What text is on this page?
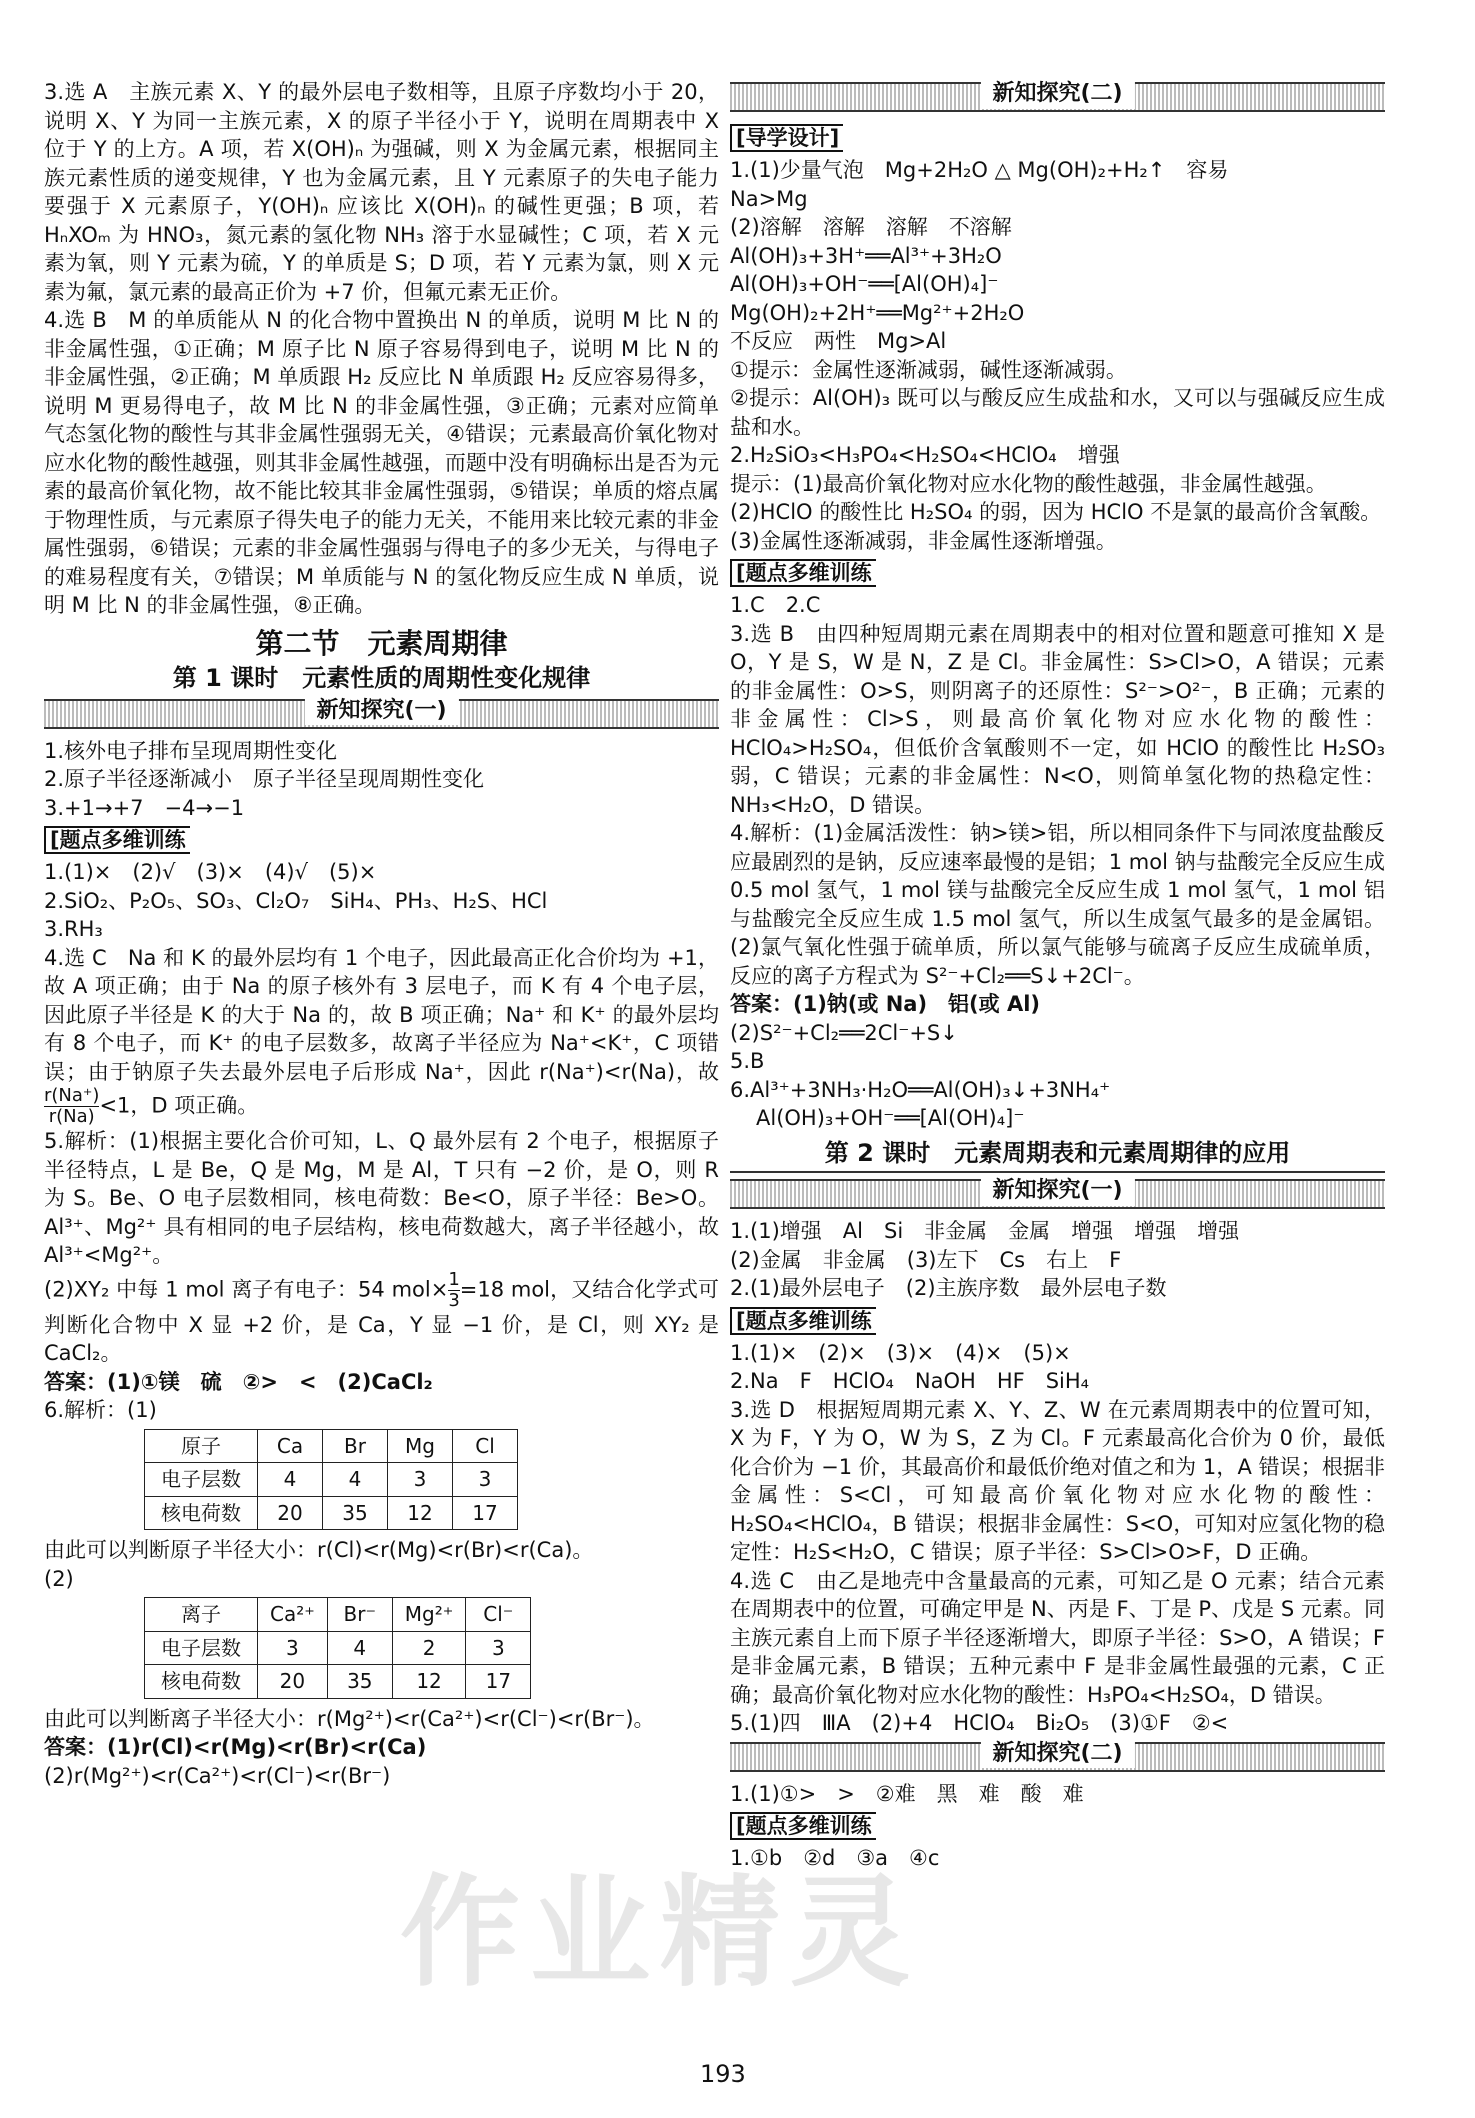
3.选 A　主族元素 X、Y 的最外层电子数相等，且原子序数均小于 20，说明 X、Y 为同一主族元素，X 的原子半径小于 Y，说明在周期表中 X 位于 Y 的上方。A 项，若 X(OH)ₙ 为强碱，则 X 为金属元素，根据同主族元素性质的递变规律，Y 也为金属元素，且 Y 元素原子的失电子能力要强于 X 元素原子，Y(OH)ₙ 应该比 X(OH)ₙ 的碱性更强；B 项，若 HₙXOₘ 为 HNO₃，氮元素的氢化物 NH₃ 溶于水显碱性；C 项，若 X 元素为氧，则 Y 元素为硫，Y 的单质是 S；D 项，若 Y 元素为氯，则 X 元素为氟，氯元素的最高正价为 +7 价，但氟元素无正价。

4.选 B　M 的单质能从 N 的化合物中置换出 N 的单质，说明 M 比 N 的非金属性强，①正确；M 原子比 N 原子容易得到电子，说明 M 比 N 的非金属性强，②正确；M 单质跟 H₂ 反应比 N 单质跟 H₂ 反应容易得多，说明 M 更易得电子，故 M 比 N 的非金属性强，③正确；元素对应简单气态氢化物的酸性与其非金属性强弱无关，④错误；元素最高价氧化物对应水化物的酸性越强，则其非金属性越强，而题中没有明确标出是否为元素的最高价氧化物，故不能比较其非金属性强弱，⑤错误；单质的熔点属于物理性质，与元素原子得失电子的能力无关，不能用来比较元素的非金属性强弱，⑥错误；元素的非金属性强弱与得电子的多少无关，与得电子的难易程度有关，⑦错误；M 单质能与 N 的氢化物反应生成 N 单质，说明 M 比 N 的非金属性强，⑧正确。

第二节　元素周期律
第 1 课时　元素性质的周期性变化规律
新知探究(一)

1.核外电子排布呈现周期性变化

2.原子半径逐渐减小　原子半径呈现周期性变化

3.+1→+7　−4→−1

[题点多维训练

1.(1)×　(2)√　(3)×　(4)√　(5)×

2.SiO₂、P₂O₅、SO₃、Cl₂O₇　SiH₄、PH₃、H₂S、HCl

3.RH₃

4.选 C　Na 和 K 的最外层均有 1 个电子，因此最高正化合价均为 +1，故 A 项正确；由于 Na 的原子核外有 3 层电子，而 K 有 4 个电子层，因此原子半径是 K 的大于 Na 的，故 B 项正确；Na⁺ 和 K⁺ 的最外层均有 8 个电子，而 K⁺ 的电子层数多，故离子半径应为 Na⁺<K⁺，C 项错误；由于钠原子失去最外层电子后形成 Na⁺，因此 r(Na⁺)<r(Na)，故
$\frac{r(Na^+)}{r(Na)} <1$，D 项正确。

5.解析：(1)根据主要化合价可知，L、Q 最外层有 2 个电子，根据原子半径特点，L 是 Be，Q 是 Mg，M 是 Al，T 只有 −2 价，是 O，则 R 为 S。Be、O 电子层数相同，核电荷数：Be<O，原子半径：Be>O。Al³⁺、Mg²⁺ 具有相同的电子层结构，核电荷数越大，离子半径越小，故 Al³⁺<Mg²⁺。

(2)XY₂ 中每 1 mol 离子有电子：54 $mol\times \frac{1}{3} =18$ mol，又结合化学式可判断化合物中 X 显 +2 价，是 Ca，Y 显 −1 价，是 Cl，则 XY₂ 是 CaCl₂。

答案：(1)①镁　硫　②>　<　(2)CaCl₂

6.解析：(1)

原子	Ca	Br	Mg	Cl
电子层数	4	4	3	3
核电荷数	20	35	12	17

由此可以判断原子半径大小：r(Cl)<r(Mg)<r(Br)<r(Ca)。

(2)

离子	Ca²⁺	Br⁻	Mg²⁺	Cl⁻
电子层数	3	4	2	3
核电荷数	20	35	12	17

由此可以判断离子半径大小：r(Mg²⁺)<r(Ca²⁺)<r(Cl⁻)<r(Br⁻)。

答案：(1)r(Cl)<r(Mg)<r(Br)<r(Ca)

(2)r(Mg²⁺)<r(Ca²⁺)<r(Cl⁻)<r(Br⁻)

新知探究(二)
[导学设计]

1.(1)少量气泡　Mg+2H₂O △ Mg(OH)₂+H₂↑　容易

Na>Mg

(2)溶解　溶解　溶解　不溶解

Al(OH)₃+3H⁺══Al³⁺+3H₂O

Al(OH)₃+OH⁻══[Al(OH)₄]⁻

Mg(OH)₂+2H⁺══Mg²⁺+2H₂O

不反应　两性　Mg>Al

①提示：金属性逐渐减弱，碱性逐渐减弱。

②提示：Al(OH)₃ 既可以与酸反应生成盐和水，又可以与强碱反应生成盐和水。

2.H₂SiO₃<H₃PO₄<H₂SO₄<HClO₄　增强

提示：(1)最高价氧化物对应水化物的酸性越强，非金属性越强。

(2)HClO 的酸性比 H₂SO₄ 的弱，因为 HClO 不是氯的最高价含氧酸。

(3)金属性逐渐减弱，非金属性逐渐增强。

[题点多维训练

1.C　2.C

3.选 B　由四种短周期元素在周期表中的相对位置和题意可推知 X 是 O，Y 是 S，W 是 N，Z 是 Cl。非金属性：S>Cl>O，A 错误；元素的非金属性：O>S，则阴离子的还原性：S²⁻>O²⁻，B 正确；元素的非金属性：Cl>S，则最高价氧化物对应水化物的酸性：HClO₄>H₂SO₄，但低价含氧酸则不一定，如 HClO 的酸性比 H₂SO₃ 弱，C 错误；元素的非金属性：N<O，则简单氢化物的热稳定性：NH₃<H₂O，D 错误。

4.解析：(1)金属活泼性：钠>镁>铝，所以相同条件下与同浓度盐酸反应最剧烈的是钠，反应速率最慢的是铝；1 mol 钠与盐酸完全反应生成 0.5 mol 氢气，1 mol 镁与盐酸完全反应生成 1 mol 氢气，1 mol 铝与盐酸完全反应生成 1.5 mol 氢气，所以生成氢气最多的是金属铝。(2)氯气氧化性强于硫单质，所以氯气能够与硫离子反应生成硫单质，反应的离子方程式为 S²⁻+Cl₂══S↓+2Cl⁻。

答案：(1)钠(或 Na)　铝(或 Al)

(2)S²⁻+Cl₂══2Cl⁻+S↓

5.B

6.Al³⁺+3NH₃·H₂O══Al(OH)₃↓+3NH₄⁺

Al(OH)₃+OH⁻══[Al(OH)₄]⁻

第 2 课时　元素周期表和元素周期律的应用
新知探究(一)

1.(1)增强　Al　Si　非金属　金属　增强　增强　增强

(2)金属　非金属　(3)左下　Cs　右上　F

2.(1)最外层电子　(2)主族序数　最外层电子数

[题点多维训练

1.(1)×　(2)×　(3)×　(4)×　(5)×

2.Na　F　HClO₄　NaOH　HF　SiH₄

3.选 D　根据短周期元素 X、Y、Z、W 在元素周期表中的位置可知，X 为 F，Y 为 O，W 为 S，Z 为 Cl。F 元素最高化合价为 0 价，最低化合价为 −1 价，其最高价和最低价绝对值之和为 1，A 错误；根据非金属性：S<Cl，可知最高价氧化物对应水化物的酸性：H₂SO₄<HClO₄，B 错误；根据非金属性：S<O，可知对应氢化物的稳定性：H₂S<H₂O，C 错误；原子半径：S>Cl>O>F，D 正确。

4.选 C　由乙是地壳中含量最高的元素，可知乙是 O 元素；结合元素在周期表中的位置，可确定甲是 N、丙是 F、丁是 P、戊是 S 元素。同主族元素自上而下原子半径逐渐增大，即原子半径：S>O，A 错误；F 是非金属元素，B 错误；五种元素中 F 是非金属性最强的元素，C 正确；最高价氧化物对应水化物的酸性：H₃PO₄<H₂SO₄，D 错误。

5.(1)四　ⅢA　(2)+4　HClO₄　Bi₂O₅　(3)①F　②<

新知探究(二)

1.(1)①>　>　②难　黑　难　酸　难

[题点多维训练

1.①b　②d　③a　④c

193
作业精灵
